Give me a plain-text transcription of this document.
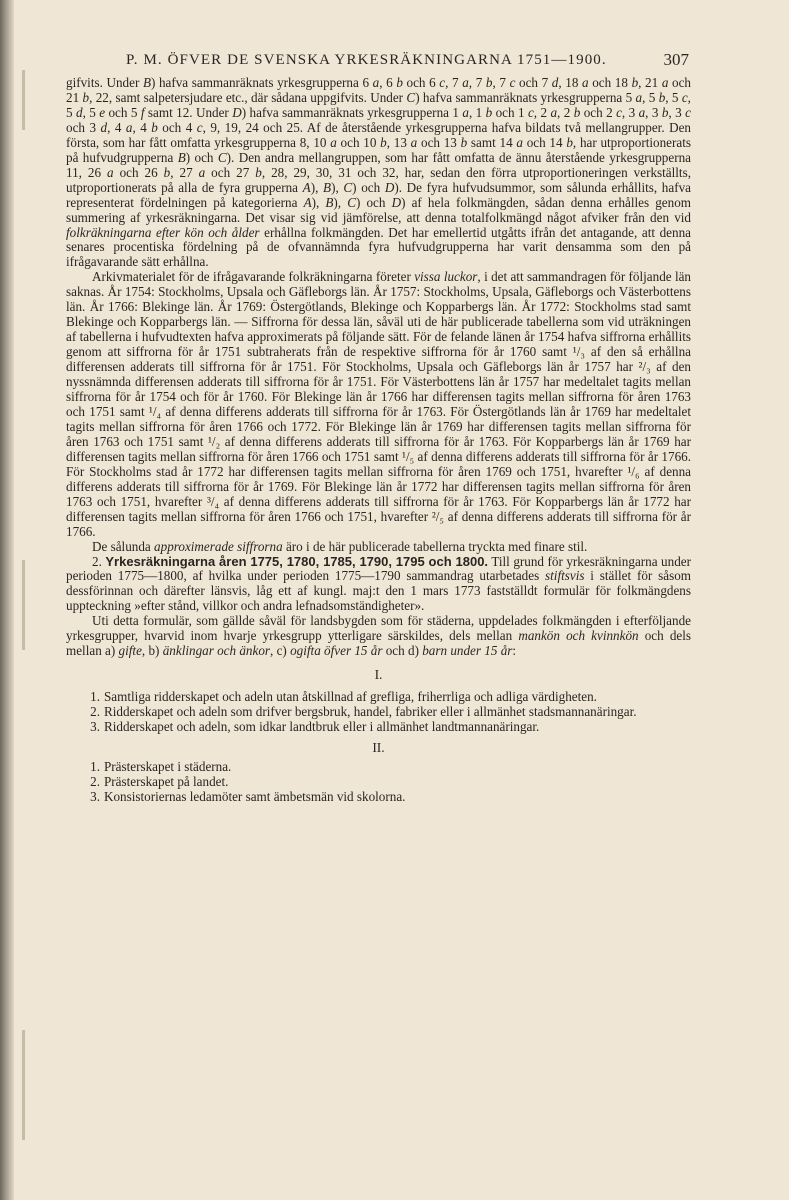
P. M. ÖFVER DE SVENSKA YRKESRÄKNINGARNA 1751—1900.	307

gifvits. Under B) hafva sammanräknats yrkesgrupperna 6 a, 6 b och 6 c, 7 a, 7 b, 7 c och 7 d, 18 a och 18 b, 21 a och 21 b, 22, samt salpetersjudare etc., där sådana uppgifvits. Under C) hafva sammanräknats yrkesgrupperna 5 a, 5 b, 5 c, 5 d, 5 e och 5 f samt 12. Under D) hafva sammanräknats yrkesgrupperna 1 a, 1 b och 1 c, 2 a, 2 b och 2 c, 3 a, 3 b, 3 c och 3 d, 4 a, 4 b och 4 c, 9, 19, 24 och 25. Af de återstående yrkesgrupperna hafva bildats två mellangrupper. Den första, som har fått omfatta yrkesgrupperna 8, 10 a och 10 b, 13 a och 13 b samt 14 a och 14 b, har utproportionerats på hufvudgrupperna B) och C). Den andra mellangruppen, som har fått omfatta de ännu återstående yrkesgrupperna 11, 26 a och 26 b, 27 a och 27 b, 28, 29, 30, 31 och 32, har, sedan den förra utproportioneringen verkställts, utproportionerats på alla de fyra grupperna A), B), C) och D). De fyra hufvudsummor, som sålunda erhållits, hafva representerat fördelningen på kategorierna A), B), C) och D) af hela folkmängden, sådan denna erhålles genom summering af yrkesräkningarna. Det visar sig vid jämförelse, att denna totalfolkmängd något afviker från den vid folkräkningarna efter kön och ålder erhållna folkmängden. Det har emellertid utgåtts ifrån det antagande, att denna senares procentiska fördelning på de ofvannämnda fyra hufvudgrupperna har varit densamma som den på ifrågavarande sätt erhållna.

Arkivmaterialet för de ifrågavarande folkräkningarna företer vissa luckor, i det att sammandragen för följande län saknas. År 1754: Stockholms, Upsala och Gäfleborgs län. År 1757: Stockholms, Upsala, Gäfleborgs och Västerbottens län. År 1766: Blekinge län. År 1769: Östergötlands, Blekinge och Kopparbergs län. År 1772: Stockholms stad samt Blekinge och Kopparbergs län. — Siffrorna för dessa län, såväl uti de här publicerade tabellerna som vid uträkningen af tabellerna i hufvudtexten hafva approximerats på följande sätt. För de felande länen år 1754 hafva siffrorna erhållits genom att siffrorna för år 1751 subtraherats från de respektive siffrorna för år 1760 samt ¹/₃ af den så erhållna differensen adderats till siffrorna för år 1751. För Stockholms, Upsala och Gäfleborgs län år 1757 har ²/₃ af den nyssnämnda differensen adderats till siffrorna för år 1751. För Västerbottens län år 1757 har medeltalet tagits mellan siffrorna för år 1754 och för år 1760. För Blekinge län år 1766 har differensen tagits mellan siffrorna för åren 1763 och 1751 samt ¹/₄ af denna differens adderats till siffrorna för år 1763. För Östergötlands län år 1769 har medeltalet tagits mellan siffrorna för åren 1766 och 1772. För Blekinge län år 1769 har differensen tagits mellan siffrorna för åren 1763 och 1751 samt ¹/₂ af denna differens adderats till siffrorna för år 1763. För Kopparbergs län år 1769 har differensen tagits mellan siffrorna för åren 1766 och 1751 samt ¹/₅ af denna differens adderats till siffrorna för år 1766. För Stockholms stad år 1772 har differensen tagits mellan siffrorna för åren 1769 och 1751, hvarefter ¹/₆ af denna differens adderats till siffrorna för år 1769. För Blekinge län år 1772 har differensen tagits mellan siffrorna för åren 1763 och 1751, hvarefter ³/₄ af denna differens adderats till siffrorna för år 1763. För Kopparbergs län år 1772 har differensen tagits mellan siffrorna för åren 1766 och 1751, hvarefter ²/₅ af denna differens adderats till siffrorna för år 1766.

De sålunda approximerade siffrorna äro i de här publicerade tabellerna tryckta med finare stil.

2. Yrkesräkningarna åren 1775, 1780, 1785, 1790, 1795 och 1800. Till grund för yrkesräkningarna under perioden 1775—1800, af hvilka under perioden 1775—1790 sammandrag utarbetades stiftsvis i stället för såsom dessförinnan och därefter länsvis, låg ett af kungl. maj:t den 1 mars 1773 fastställdt formulär för folkmängdens uppteckning »efter stånd, villkor och andra lefnadsomständigheter».

Uti detta formulär, som gällde såväl för landsbygden som för städerna, uppdelades folkmängden i efterföljande yrkesgrupper, hvarvid inom hvarje yrkesgrupp ytterligare särskildes, dels mellan mankön och kvinnkön och dels mellan a) gifte, b) änklingar och änkor, c) ogifta öfver 15 år och d) barn under 15 år:

I.

1. Samtliga ridderskapet och adeln utan åtskillnad af grefliga, friherrliga och adliga värdigheten.

2. Ridderskapet och adeln som drifver bergsbruk, handel, fabriker eller i allmänhet stadsmannanäringar.

3. Ridderskapet och adeln, som idkar landtbruk eller i allmänhet landtmannanäringar.

II.

1. Prästerskapet i städerna.

2. Prästerskapet på landet.

3. Konsistoriernas ledamöter samt ämbetsmän vid skolorna.
